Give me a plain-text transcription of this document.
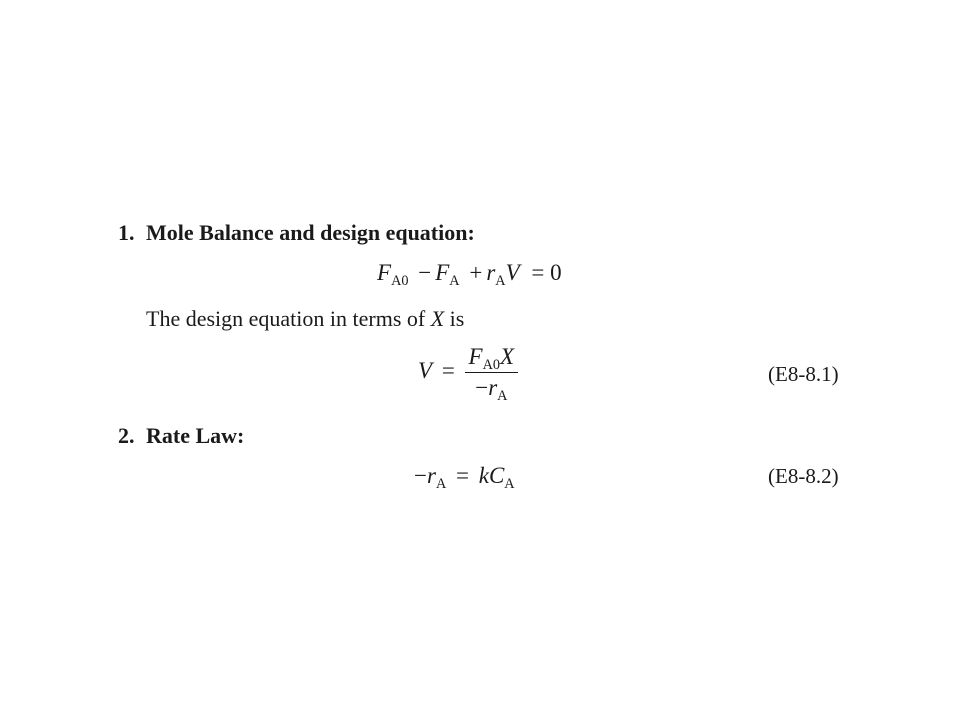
1. Mole Balance and design equation:
$F_{A0} - F_A + r_AV = 0$
The design equation in terms of X is
$V = \frac{F_{A0}X}{-r_A}$	(E8-8.1)
2. Rate Law:
$-r_A = kC_A$	(E8-8.2)
